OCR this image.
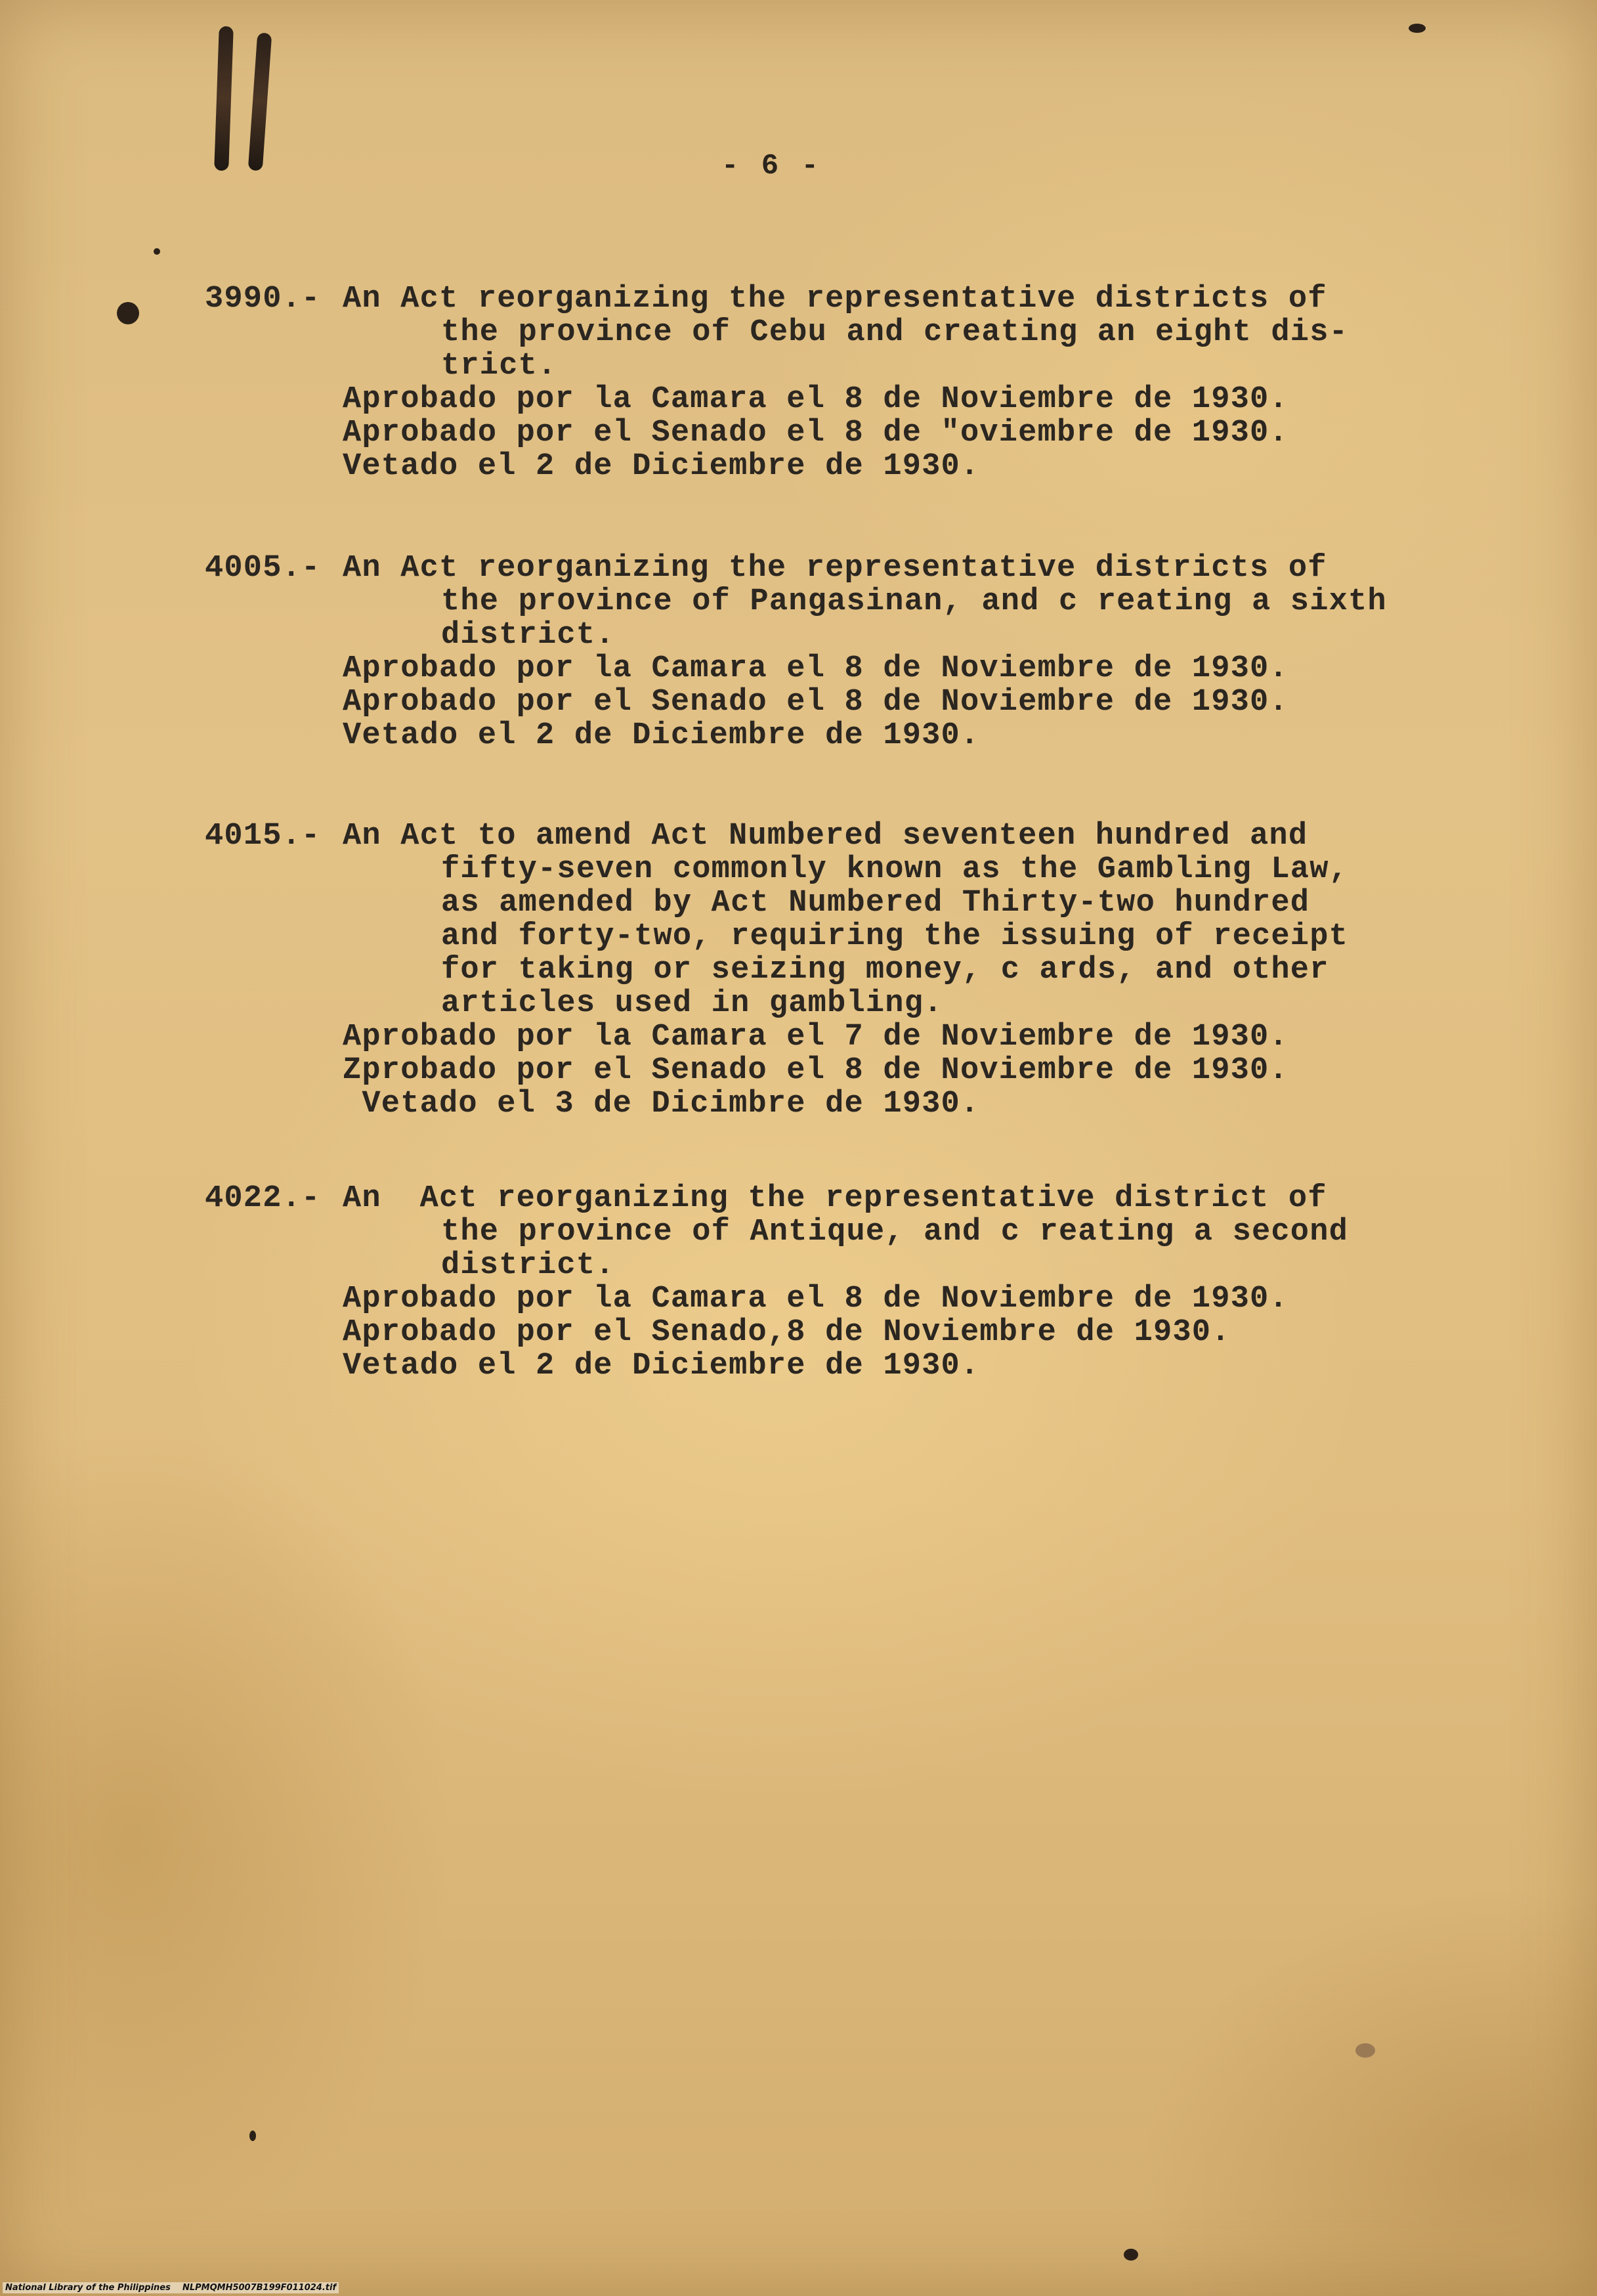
- 6 -
3990.- An Act reorganizing the representative districts of
the province of Cebu and creating an eight dis-
trict.
Aprobado por la Camara el 8 de Noviembre de 1930.
Aprobado por el Senado el 8 de "oviembre de 1930.
Vetado el 2 de Diciembre de 1930.
4005.- An Act reorganizing the representative districts of
the province of Pangasinan, and c reating a sixth
district.
Aprobado por la Camara el 8 de Noviembre de 1930.
Aprobado por el Senado el 8 de Noviembre de 1930.
Vetado el 2 de Diciembre de 1930.
4015.- An Act to amend Act Numbered seventeen hundred and
fifty-seven commonly known as the Gambling Law,
as amended by Act Numbered Thirty-two hundred
and forty-two, requiring the issuing of receipt
for taking or seizing money, c ards, and other
articles used in gambling.
Aprobado por la Camara el 7 de Noviembre de 1930.
Zprobado por el Senado el 8 de Noviembre de 1930.
Vetado el 3 de Dicimbre de 1930.
4022.- An  Act reorganizing the representative district of
the province of Antique, and c reating a second
district.
Aprobado por la Camara el 8 de Noviembre de 1930.
Aprobado por el Senado,8 de Noviembre de 1930.
Vetado el 2 de Diciembre de 1930.
National Library of the Philippines    NLPMQMH5007B199F011024.tif
